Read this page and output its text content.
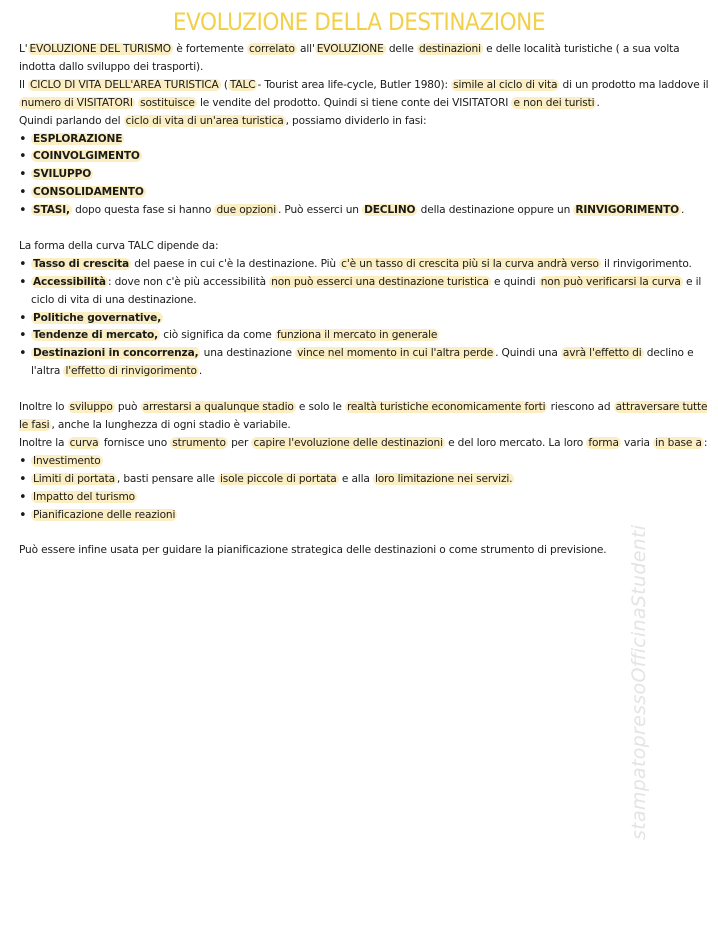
EVOLUZIONE DELLA DESTINAZIONE

L' EVOLUZIONE DEL TURISMO è fortemente correlato all' EVOLUZIONE delle destinazioni e delle località turistiche ( a sua volta indotta dallo sviluppo dei trasporti).

Il CICLO DI VITA DELL'AREA TURISTICA ( TALC - Tourist area life-cycle, Butler 1980): simile al ciclo di vita di un prodotto ma laddove il numero di VISITATORI sostituisce le vendite del prodotto. Quindi si tiene conte dei VISITATORI e non dei turisti .

Quindi parlando del ciclo di vita di un'area turistica , possiamo dividerlo in fasi:

• ESPLORAZIONE
• COINVOLGIMENTO
• SVILUPPO
• CONSOLIDAMENTO
• STASI, dopo questa fase si hanno due opzioni . Può esserci un DECLINO della destinazione oppure un RINVIGORIMENTO .

La forma della curva TALC dipende da:

• Tasso di crescita del paese in cui c'è la destinazione. Più c'è un tasso di crescita più si la curva andrà verso il rinvigorimento.
• Accessibilità : dove non c'è più accessibilità non può esserci una destinazione turistica e quindi non può verificarsi la curva e il ciclo di vita di una destinazione.
• Politiche governative,
• Tendenze di mercato, ciò significa da come funziona il mercato in generale
• Destinazioni in concorrenza, una destinazione vince nel momento in cui l'altra perde . Quindi una avrà l'effetto di declino e l'altra l'effetto di rinvigorimento .

Inoltre lo sviluppo può arrestarsi a qualunque stadio e solo le realtà turistiche economicamente forti riescono ad attraversare tutte le fasi , anche la lunghezza di ogni stadio è variabile.

Inoltre la curva fornisce uno strumento per capire l'evoluzione delle destinazioni e del loro mercato. La loro forma varia in base a :

• Investimento
• Limiti di portata , basti pensare alle isole piccole di portata e alla loro limitazione nei servizi.
• Impatto del turismo
• Pianificazione delle reazioni

Può essere infine usata per guidare la pianificazione strategica delle destinazioni o come strumento di previsione.	stampatopressoOfficinaStudenti
